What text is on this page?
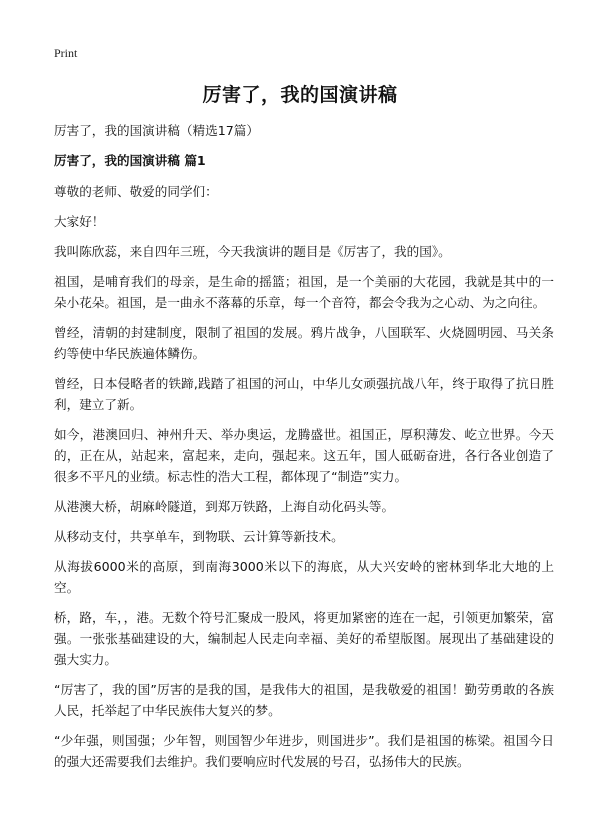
Print
厉害了，我的国演讲稿

厉害了，我的国演讲稿（精选17篇）

厉害了，我的国演讲稿 篇1

尊敬的老师、敬爱的同学们：

大家好！

我叫陈欣蕊，来自四年三班，今天我演讲的题目是《厉害了，我的国》。

祖国，是哺育我们的母亲，是生命的摇篮；祖国，是一个美丽的大花园，我就是其中的一朵小花朵。祖国，是一曲永不落幕的乐章，每一个音符，都会令我为之心动、为之向往。

曾经，清朝的封建制度，限制了祖国的发展。鸦片战争，八国联军、火烧圆明园、马关条约等使中华民族遍体鳞伤。

曾经，日本侵略者的铁蹄,践踏了祖国的河山，中华儿女顽强抗战八年，终于取得了抗日胜利，建立了新。

如今，港澳回归、神州升天、举办奥运，龙腾盛世。祖国正，厚积薄发、屹立世界。今天的，正在从，站起来，富起来，走向，强起来。这五年，国人砥砺奋进，各行各业创造了很多不平凡的业绩。标志性的浩大工程，都体现了“制造”实力。

从港澳大桥，胡麻岭隧道，到郑万铁路，上海自动化码头等。

从移动支付，共享单车，到物联、云计算等新技术。

从海拔6000米的高原，到南海3000米以下的海底，从大兴安岭的密林到华北大地的上空。

桥，路，车，，港。无数个符号汇聚成一股风，将更加紧密的连在一起，引领更加繁荣，富强。一张张基础建设的大，编制起人民走向幸福、美好的希望版图。展现出了基础建设的强大实力。

“厉害了，我的国”厉害的是我的国，是我伟大的祖国，是我敬爱的祖国！勤劳勇敢的各族人民，托举起了中华民族伟大复兴的梦。

“少年强，则国强；少年智，则国智少年进步，则国进步”。我们是祖国的栋梁。祖国今日的强大还需要我们去维护。我们要响应时代发展的号召，弘扬伟大的民族。
